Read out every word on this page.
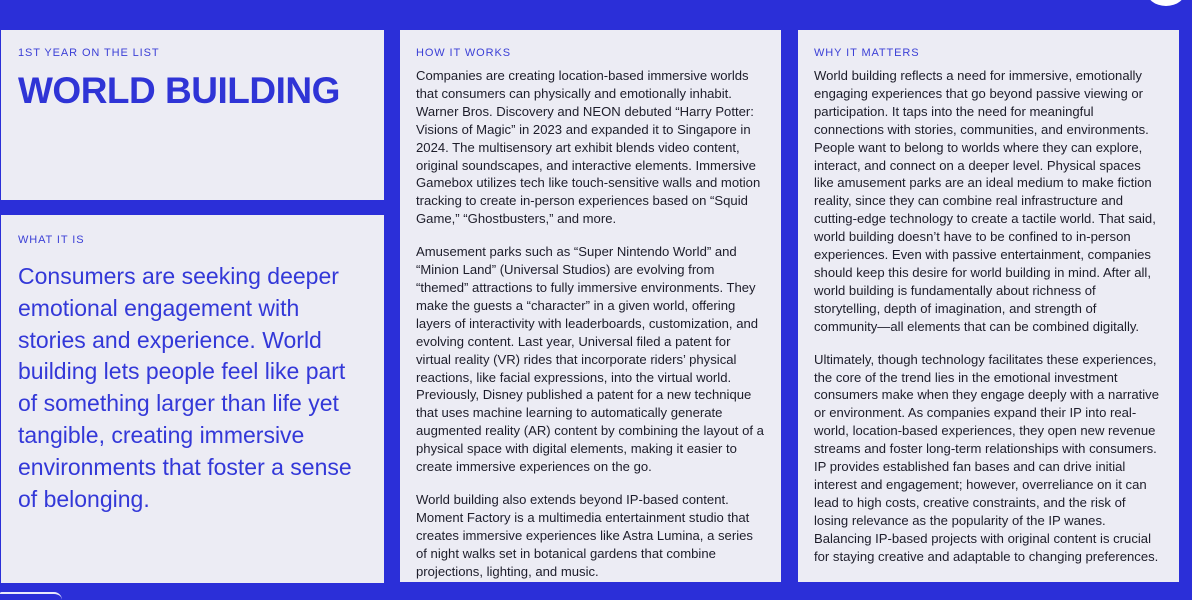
1ST YEAR ON THE LIST
WORLD BUILDING
WHAT IT IS
Consumers are seeking deeper emotional engagement with stories and experience. World building lets people feel like part of something larger than life yet tangible, creating immersive environments that foster a sense of belonging.
HOW IT WORKS

Companies are creating location-based immersive worlds that consumers can physically and emotionally inhabit. Warner Bros. Discovery and NEON debuted “Harry Potter: Visions of Magic” in 2023 and expanded it to Singapore in 2024. The multisensory art exhibit blends video content, original soundscapes, and interactive elements. Immersive Gamebox utilizes tech like touch-sensitive walls and motion tracking to create in-person experiences based on “Squid Game,” “Ghostbusters,” and more.

Amusement parks such as “Super Nintendo World” and “Minion Land” (Universal Studios) are evolving from “themed” attractions to fully immersive environments. They make the guests a “character” in a given world, offering layers of interactivity with leaderboards, customization, and evolving content. Last year, Universal filed a patent for virtual reality (VR) rides that incorporate riders’ physical reactions, like facial expressions, into the virtual world. Previously, Disney published a patent for a new technique that uses machine learning to automatically generate augmented reality (AR) content by combining the layout of a physical space with digital elements, making it easier to create immersive experiences on the go.

World building also extends beyond IP-based content. Moment Factory is a multimedia entertainment studio that creates immersive experiences like Astra Lumina, a series of night walks set in botanical gardens that combine projections, lighting, and music.

WHY IT MATTERS

World building reflects a need for immersive, emotionally engaging experiences that go beyond passive viewing or participation. It taps into the need for meaningful connections with stories, communities, and environments. People want to belong to worlds where they can explore, interact, and connect on a deeper level. Physical spaces like amusement parks are an ideal medium to make fiction reality, since they can combine real infrastructure and cutting-edge technology to create a tactile world. That said, world building doesn’t have to be confined to in-person experiences. Even with passive entertainment, companies should keep this desire for world building in mind. After all, world building is fundamentally about richness of storytelling, depth of imagination, and strength of community—all elements that can be combined digitally.

Ultimately, though technology facilitates these experiences, the core of the trend lies in the emotional investment consumers make when they engage deeply with a narrative or environment. As companies expand their IP into real-world, location-based experiences, they open new revenue streams and foster long-term relationships with consumers. IP provides established fan bases and can drive initial interest and engagement; however, overreliance on it can lead to high costs, creative constraints, and the risk of losing relevance as the popularity of the IP wanes. Balancing IP-based projects with original content is crucial for staying creative and adaptable to changing preferences.
